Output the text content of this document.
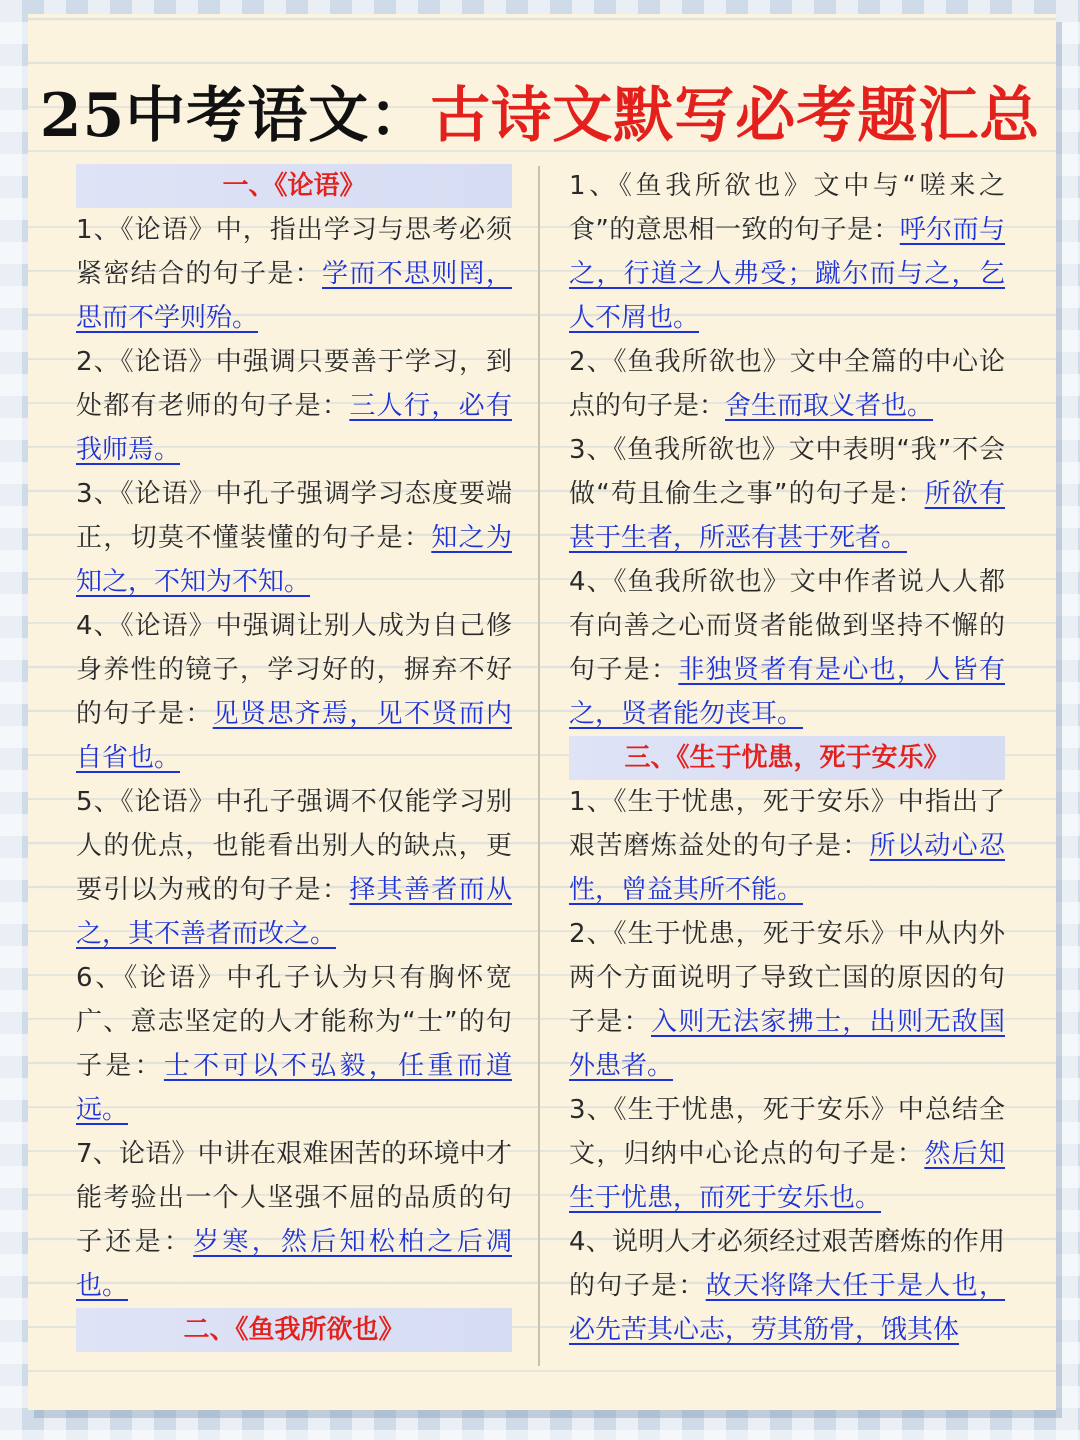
25中考语文：古诗文默写必考题汇总
一、《论语》

1、《论语》中，指出学习与思考必须紧密结合的句子是：学而不思则罔，思而不学则殆。

2、《论语》中强调只要善于学习，到处都有老师的句子是：三人行，必有我师焉。

3、《论语》中孔子强调学习态度要端正，切莫不懂装懂的句子是：知之为知之，不知为不知。

4、《论语》中强调让别人成为自己修身养性的镜子，学习好的，摒弃不好的句子是：见贤思齐焉，见不贤而内自省也。

5、《论语》中孔子强调不仅能学习别人的优点，也能看出别人的缺点，更要引以为戒的句子是：择其善者而从之，其不善者而改之。

6、《论语》中孔子认为只有胸怀宽广、意志坚定的人才能称为“士”的句子是：士不可以不弘毅，任重而道远。

7、论语》中讲在艰难困苦的环境中才能考验出一个人坚强不屈的品质的句子还是：岁寒，然后知松柏之后凋也。

二、《鱼我所欲也》

1、《鱼我所欲也》文中与“嗟来之食”的意思相一致的句子是：呼尔而与之，行道之人弗受；蹴尔而与之，乞人不屑也。

2、《鱼我所欲也》文中全篇的中心论点的句子是：舍生而取义者也。

3、《鱼我所欲也》文中表明“我”不会做“苟且偷生之事”的句子是：所欲有甚于生者，所恶有甚于死者。

4、《鱼我所欲也》文中作者说人人都有向善之心而贤者能做到坚持不懈的句子是：非独贤者有是心也，人皆有之，贤者能勿丧耳。

三、《生于忧患，死于安乐》

1、《生于忧患，死于安乐》中指出了艰苦磨炼益处的句子是：所以动心忍性，曾益其所不能。

2、《生于忧患，死于安乐》中从内外两个方面说明了导致亡国的原因的句子是：入则无法家拂士，出则无敌国外患者。

3、《生于忧患，死于安乐》中总结全文，归纳中心论点的句子是：然后知生于忧患，而死于安乐也。

4、说明人才必须经过艰苦磨炼的作用的句子是：故天将降大任于是人也，必先苦其心志，劳其筋骨，饿其体
